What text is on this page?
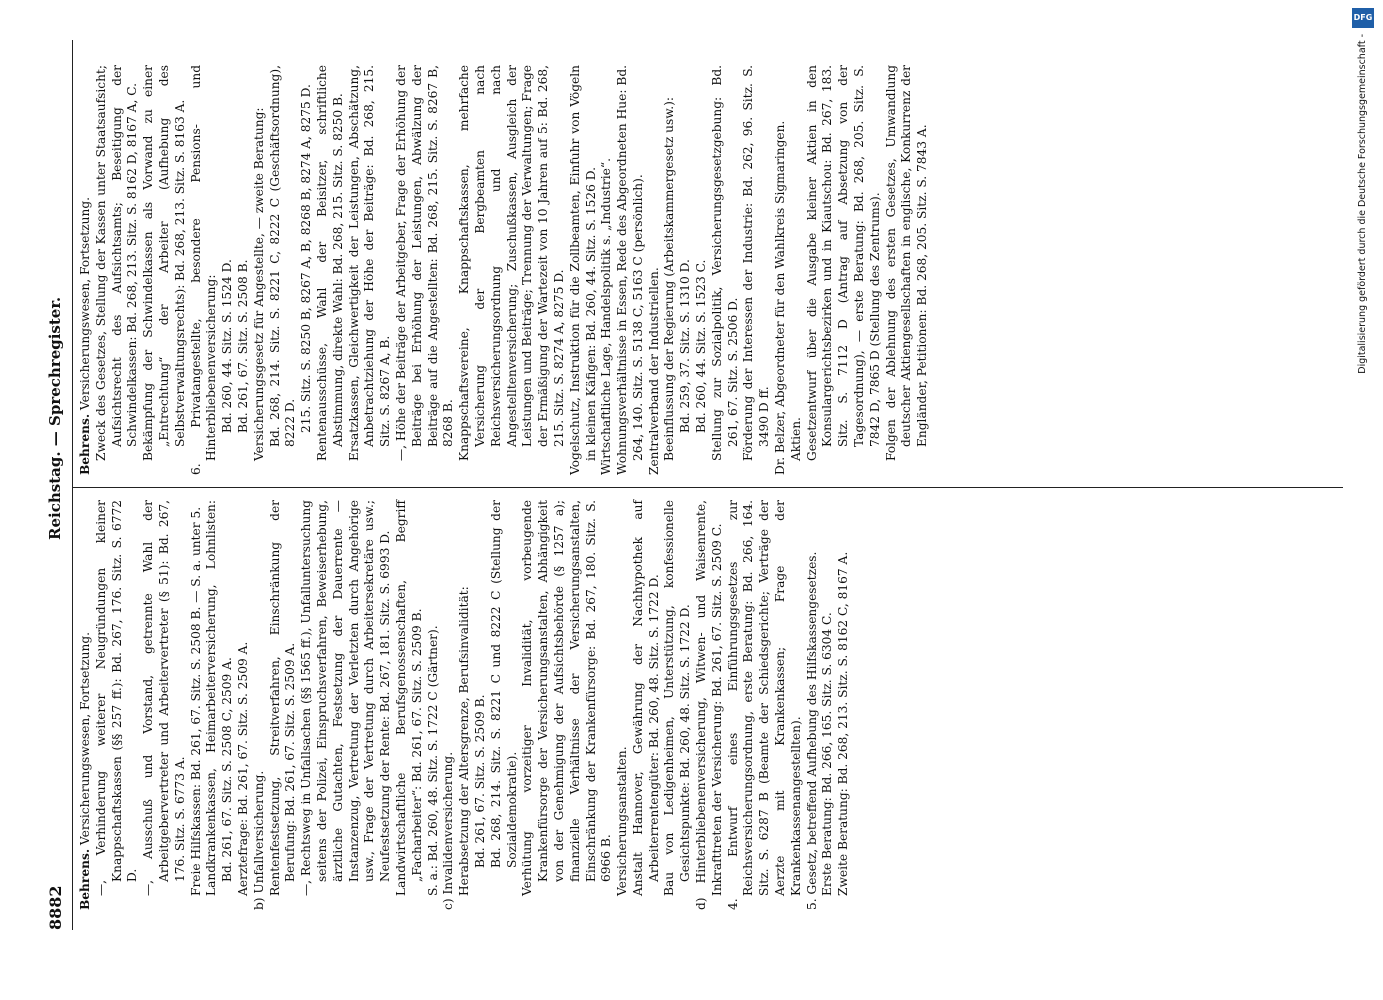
8882
Reichstag. — Sprechregister.

Behrens. Versicherungswesen, Fortsetzung. —, Verhinderung weiterer Neugründungen kleiner Knappschaftskassen (§§ 257 ff.): Bd. 267, 176. Sitz. S. 6772 D. —, Ausschuß und Vorstand, getrennte Wahl der Arbeitgebervertreter und Arbeitervertreter (§ 51): Bd. 267, 176. Sitz. S. 6773 A. Freie Hilfskassen: Bd. 261, 67. Sitz. S. 2508 B. — S. a. unter 5. Landkrankenkassen, Heimarbeiterversicherung, Lohnlisten: Bd. 261, 67. Sitz. S. 2508 C, 2509 A. Aerztefrage: Bd. 261, 67. Sitz. S. 2509 A. b) Unfallversicherung. Rentenfestsetzung, Streitverfahren, Einschränkung der Berufung: Bd. 261, 67. Sitz. S. 2509 A. —, Rechtsweg in Unfallsachen (§§ 1565 ff.), Unfalluntersuchung seitens der Polizei, Einspruchsverfahren, Beweiserhebung, ärztliche Gutachten, Festsetzung der Dauerrente — Instanzenzug, Vertretung der Verletzten durch Angehörige usw., Frage der Vertretung durch Arbeitersekretäre usw.; Neufestsetzung der Rente: Bd. 267, 181. Sitz. S. 6993 D. Landwirtschaftliche Berufsgenossenschaften, Begriff „Facharbeiter“: Bd. 261, 67. Sitz. S. 2509 B. S. a.: Bd. 260, 48. Sitz. S. 1722 C (Gärtner). c) Invalidenversicherung. Herabsetzung der Altersgrenze, Berufsinvalidität: Bd. 261, 67. Sitz. S. 2509 B. Bd. 268, 214. Sitz. S. 8221 C und 8222 C (Stellung der Sozialdemokratie). Verhütung vorzeitiger Invalidität, vorbeugende Krankenfürsorge der Versicherungsanstalten, Abhängigkeit von der Genehmigung der Aufsichtsbehörde (§ 1257 a); finanzielle Verhältnisse der Versicherungsanstalten, Einschränkung der Krankenfürsorge: Bd. 267, 180. Sitz. S. 6966 B. Versicherungsanstalten. Anstalt Hannover, Gewährung der Nachhypothek auf Arbeiterrentengüter: Bd. 260, 48. Sitz. S. 1722 D. Bau von Ledigenheimen, Unterstützung, konfessionelle Gesichtspunkte: Bd. 260, 48. Sitz. S. 1722 D. d) Hinterbliebenenversicherung, Witwen- und Waisenrente, Inkrafttreten der Versicherung: Bd. 261, 67. Sitz. S. 2509 C. 4. Entwurf eines Einführungsgesetzes zur Reichsversicherungsordnung, erste Beratung: Bd. 266, 164. Sitz. S. 6287 B (Beamte der Schiedsgerichte; Verträge der Aerzte mit Krankenkassen; Frage der Krankenkassenangestellten). 5. Gesetz, betreffend Aufhebung des Hilfskassengesetzes. Erste Beratung: Bd. 266, 165. Sitz. S. 6304 C. Zweite Beratung: Bd. 268, 213. Sitz. S. 8162 C, 8167 A.

Behrens. Versicherungswesen, Fortsetzung. Zweck des Gesetzes, Stellung der Kassen unter Staatsaufsicht; Aufsichtsrecht des Aufsichtsamts; Beseitigung der Schwindelkassen: Bd. 268, 213. Sitz. S. 8162 D, 8167 A, C. Bekämpfung der Schwindelkassen als Vorwand zu einer „Entrechtung“ der Arbeiter (Aufhebung des Selbstverwaltungsrechts): Bd. 268, 213. Sitz. S. 8163 A. 6. Privatangestellte, besondere Pensions- und Hinterbliebenenversicherung: Bd. 260, 44. Sitz. S. 1524 D. Bd. 261, 67. Sitz. S. 2508 B. Versicherungsgesetz für Angestellte, — zweite Beratung: Bd. 268, 214. Sitz. S. 8221 C, 8222 C (Geschäftsordnung), 8222 D. 215. Sitz. S. 8250 B, 8267 A, B, 8268 B, 8274 A, 8275 D. Rentenausschüsse, Wahl der Beisitzer, schriftliche Abstimmung, direkte Wahl: Bd. 268, 215. Sitz. S. 8250 B. Ersatzkassen, Gleichwertigkeit der Leistungen, Abschätzung, Anbetrachtziehung der Höhe der Beiträge: Bd. 268, 215. Sitz. S. 8267 A, B. —, Höhe der Beiträge der Arbeitgeber, Frage der Erhöhung der Beiträge bei Erhöhung der Leistungen, Abwälzung der Beiträge auf die Angestellten: Bd. 268, 215. Sitz. S. 8267 B, 8268 B. Knappschaftsvereine, Knappschaftskassen, mehrfache Versicherung der Bergbeamten nach Reichsversicherungsordnung und nach Angestelltenversicherung; Zuschußkassen, Ausgleich der Leistungen und Beiträge; Trennung der Verwaltungen; Frage der Ermäßigung der Wartezeit von 10 Jahren auf 5: Bd. 268, 215. Sitz. S. 8274 A, 8275 D. Vogelschutz, Instruktion für die Zollbeamten, Einfuhr von Vögeln in kleinen Käfigen: Bd. 260, 44. Sitz. S. 1526 D. Wirtschaftliche Lage, Handelspolitik s. „Industrie“. Wohnungsverhältnisse in Essen, Rede des Abgeordneten Hue: Bd. 264, 140. Sitz. S. 5138 C, 5163 C (persönlich). Zentralverband der Industriellen. Beeinflussung der Regierung (Arbeitskammergesetz usw.): Bd. 259, 37. Sitz. S. 1310 D. Bd. 260, 44. Sitz. S. 1523 C. Stellung zur Sozialpolitik, Versicherungsgesetzgebung: Bd. 261, 67. Sitz. S. 2506 D. Förderung der Interessen der Industrie: Bd. 262, 96. Sitz. S. 3490 D ff. Dr. Belzer, Abgeordneter für den Wahlkreis Sigmaringen. Aktien. Gesetzentwurf über die Ausgabe kleiner Aktien in den Konsulargerichtsbezirken und in Kiautschou: Bd. 267, 183. Sitz. S. 7112 D (Antrag auf Absetzung von der Tagesordnung), — erste Beratung: Bd. 268, 205. Sitz. S. 7842 D, 7865 D (Stellung des Zentrums). Folgen der Ablehnung des ersten Gesetzes, Umwandlung deutscher Aktiengesellschaften in englische, Konkurrenz der Engländer, Petitionen: Bd. 268, 205. Sitz. S. 7843 A.

DFG
Digitalisierung gefördert durch die Deutsche Forschungsgemeinschaft -
